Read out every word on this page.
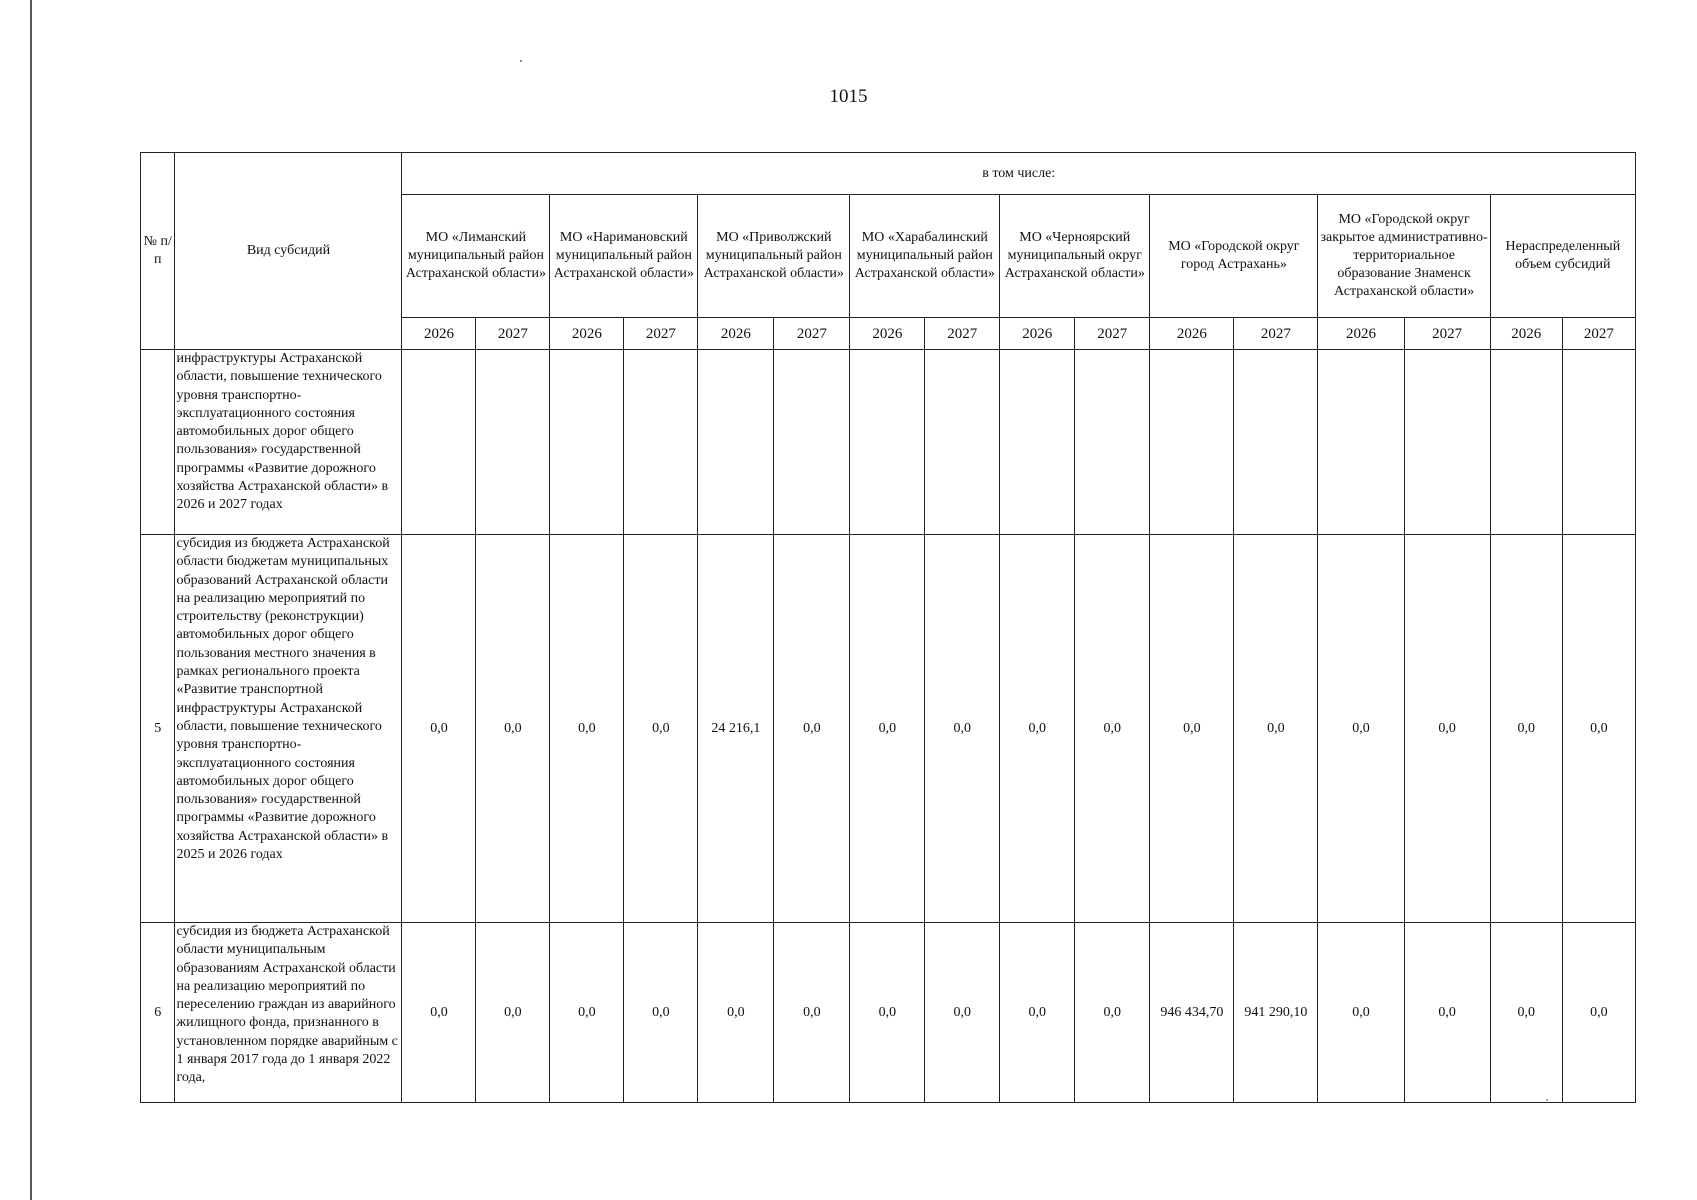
1015
№ п/п	Вид субсидий	в том числе:															
		МО «Лиманский муниципальный район Астраханской области»		МО «Наримановский муниципальный район Астраханской области»		МО «Приволжский муниципальный район Астраханской области»		МО «Харабалинский муниципальный район Астраханской области»		МО «Черноярский муниципальный округ Астраханской области»		МО «Городской округ город Астрахань»		МО «Городской округ закрытое административно-территориальное образование Знаменск Астраханской области»		Нераспределенный объем субсидий	
		2026	2027	2026	2027	2026	2027	2026	2027	2026	2027	2026	2027	2026	2027	2026	2027
	инфраструктуры Астраханской области, повышение технического уровня транспортно-эксплуатационного состояния автомобильных дорог общего пользования» государственной программы «Развитие дорожного хозяйства Астраханской области» в 2026 и 2027 годах																
5	субсидия из бюджета Астраханской области бюджетам муниципальных образований Астраханской области на реализацию мероприятий по строительству (реконструкции) автомобильных дорог общего пользования местного значения в рамках регионального проекта «Развитие транспортной инфраструктуры Астраханской области, повышение технического уровня транспортно-эксплуатационного состояния автомобильных дорог общего пользования» государственной программы «Развитие дорожного хозяйства Астраханской области» в 2025 и 2026 годах	0,0	0,0	0,0	0,0	24 216,1	0,0	0,0	0,0	0,0	0,0	0,0	0,0	0,0	0,0	0,0	0,0
6	субсидия из бюджета Астраханской области муниципальным образованиям Астраханской области на реализацию мероприятий по переселению граждан из аварийного жилищного фонда, признанного в установленном порядке аварийным с 1 января 2017 года до 1 января 2022 года,	0,0	0,0	0,0	0,0	0,0	0,0	0,0	0,0	0,0	0,0	946 434,70	941 290,10	0,0	0,0	0,0	0,0
